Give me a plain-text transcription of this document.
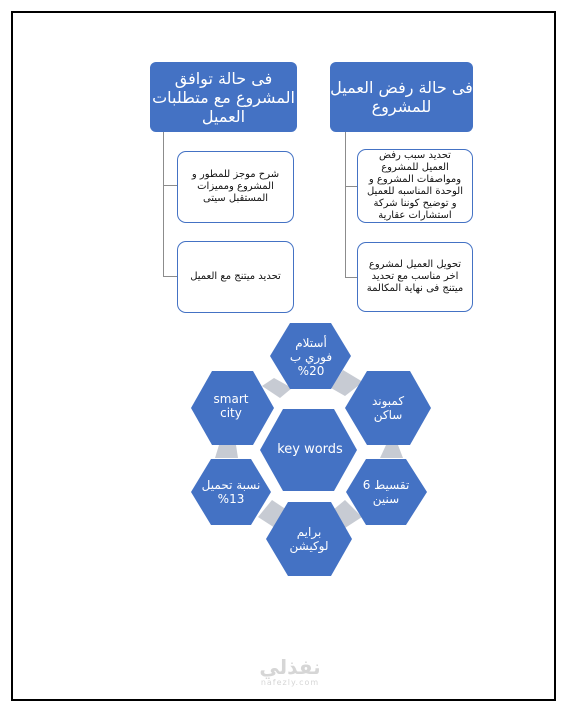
فى حالة توافق المشروع مع متطلبات العميل
شرح موجز للمطور و المشروع ومميزات المستقبل سيتى
تحديد ميتنج مع العميل
فى حالة رفض العميل للمشروع
تحديد سبب رفض العميل للمشروع ومواصفات المشروع و الوحدة المناسبه للعميل و توضيح كوننا شركة استشارات عقارية
تحويل العميل لمشروع اخر مناسب مع تحديد ميتنج فى نهاية المكالمة
key words
أستلام فوري ب 20%
كمبوند ساكن
تقسيط 6 سنين
برايم لوكيشن
نسبة تحميل 13%
smart city
نفذلي
nafezly.com
